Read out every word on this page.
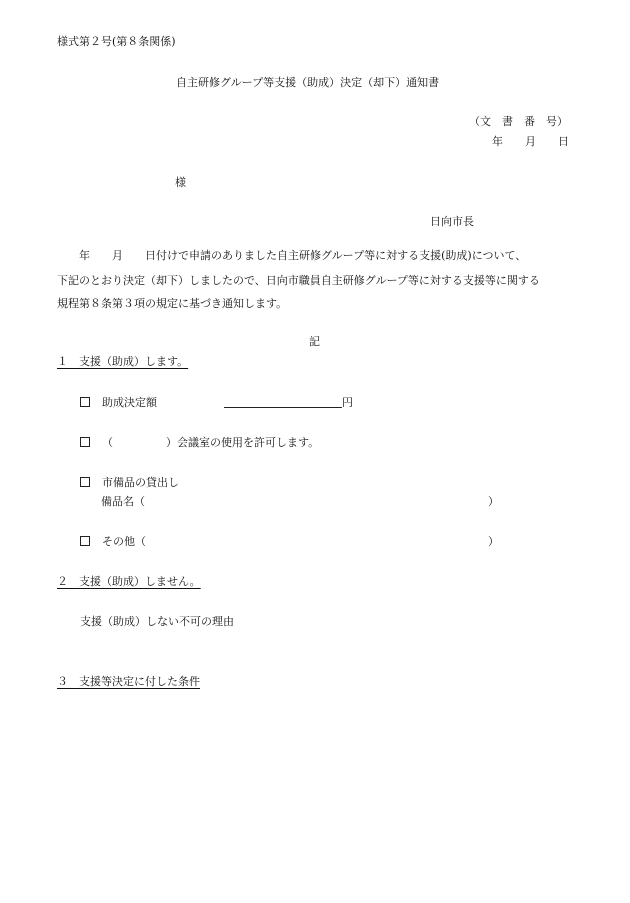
様式第２号(第８条関係)
自主研修グループ等支援（助成）決定（却下）通知書
（文　書　番　号）
年　　月　　日
様
日向市長
　　年　　月　　日付けで申請のありました自主研修グループ等に対する支援(助成)について、
下記のとおり決定（却下）しましたので、日向市職員自主研修グループ等に対する支援等に関する
規程第８条第３項の規定に基づき通知します。
記
１　支援（助成）します。
助成決定額	円
（	）会議室の使用を許可します。
市備品の貸出し
備品名（	）
その他（	）
２　支援（助成）しません。
支援（助成）しない不可の理由
３　支援等決定に付した条件
